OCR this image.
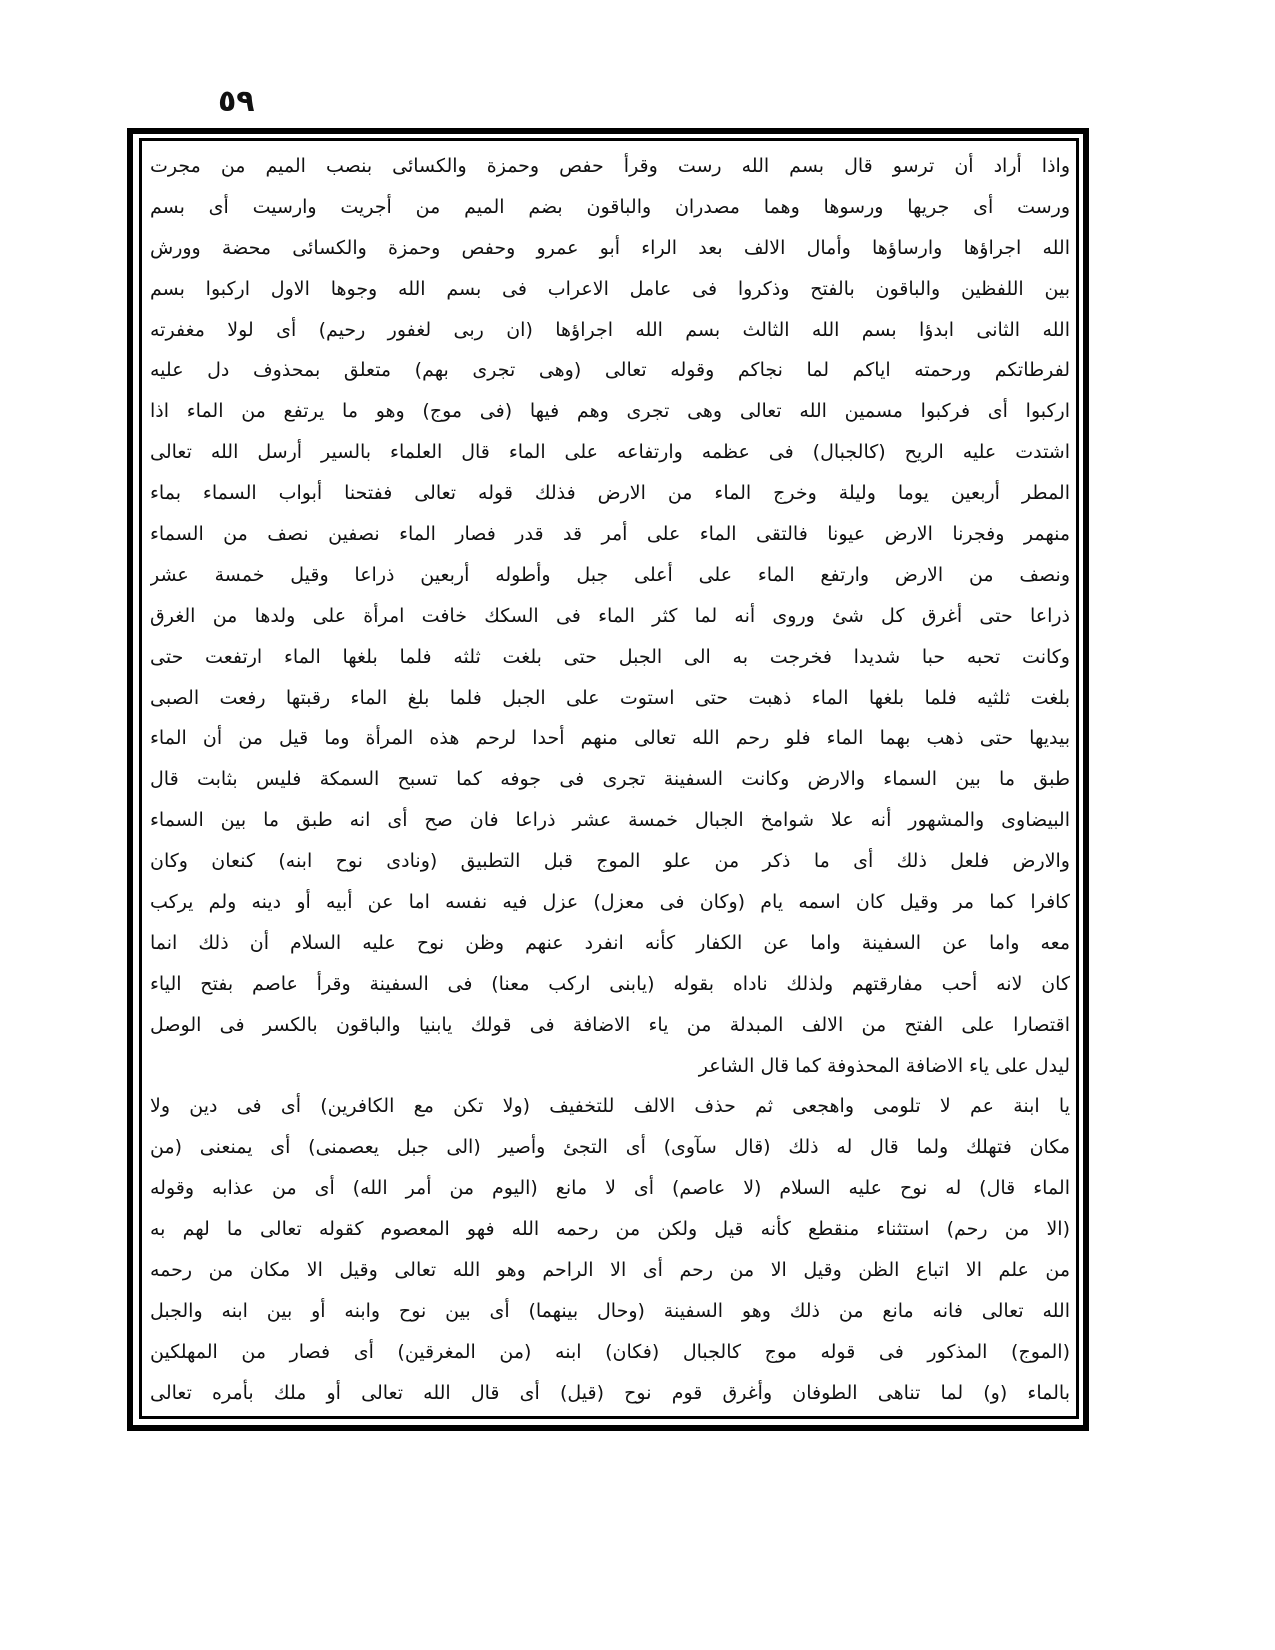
٥٩
واذا أراد أن ترسو قال بسم الله رست وقرأ حفص وحمزة والكسائى بنصب الميم من مجرت
ورست أى جريها ورسوها وهما مصدران والباقون بضم الميم من أجريت وارسيت أى بسم
الله اجراؤها وارساؤها وأمال الالف بعد الراء أبو عمرو وحفص وحمزة والكسائى محضة وورش
بين اللفظين والباقون بالفتح وذكروا فى عامل الاعراب فى بسم الله وجوها الاول اركبوا بسم
الله الثانى ابدؤا بسم الله الثالث بسم الله اجراؤها (ان ربى لغفور رحيم) أى لولا مغفرته
لفرطاتكم ورحمته اياكم لما نجاكم وقوله تعالى (وهى تجرى بهم) متعلق بمحذوف دل عليه
اركبوا أى فركبوا مسمين الله تعالى وهى تجرى وهم فيها (فى موج) وهو ما يرتفع من الماء اذا
اشتدت عليه الريح (كالجبال) فى عظمه وارتفاعه على الماء قال العلماء بالسير أرسل الله تعالى
المطر أربعين يوما وليلة وخرج الماء من الارض فذلك قوله تعالى ففتحنا أبواب السماء بماء
منهمر وفجرنا الارض عيونا فالتقى الماء على أمر قد قدر فصار الماء نصفين نصف من السماء
ونصف من الارض وارتفع الماء على أعلى جبل وأطوله أربعين ذراعا وقيل خمسة عشر
ذراعا حتى أغرق كل شئ وروى أنه لما كثر الماء فى السكك خافت امرأة على ولدها من الغرق
وكانت تحبه حبا شديدا فخرجت به الى الجبل حتى بلغت ثلثه فلما بلغها الماء ارتفعت حتى
بلغت ثلثيه فلما بلغها الماء ذهبت حتى استوت على الجبل فلما بلغ الماء رقبتها رفعت الصبى
بيديها حتى ذهب بهما الماء فلو رحم الله تعالى منهم أحدا لرحم هذه المرأة وما قيل من أن الماء
طبق ما بين السماء والارض وكانت السفينة تجرى فى جوفه كما تسبح السمكة فليس بثابت قال
البيضاوى والمشهور أنه علا شوامخ الجبال خمسة عشر ذراعا فان صح أى انه طبق ما بين السماء
والارض فلعل ذلك أى ما ذكر من علو الموج قبل التطبيق (ونادى نوح ابنه) كنعان وكان
كافرا كما مر وقيل كان اسمه يام (وكان فى معزل) عزل فيه نفسه اما عن أبيه أو دينه ولم يركب
معه واما عن السفينة واما عن الكفار كأنه انفرد عنهم وظن نوح عليه السلام أن ذلك انما
كان لانه أحب مفارقتهم ولذلك ناداه بقوله (يابنى اركب معنا) فى السفينة وقرأ عاصم بفتح الياء
اقتصارا على الفتح من الالف المبدلة من ياء الاضافة فى قولك يابنيا والباقون بالكسر فى الوصل
ليدل على ياء الاضافة المحذوفة كما قال الشاعر
يا ابنة عم لا تلومى واهجعى ثم حذف الالف للتخفيف (ولا تكن مع الكافرين) أى فى دين ولا
مكان فتهلك ولما قال له ذلك (قال سآوى) أى التجئ وأصير (الى جبل يعصمنى) أى يمنعنى (من
الماء قال) له نوح عليه السلام (لا عاصم) أى لا مانع (اليوم من أمر الله) أى من عذابه وقوله
(الا من رحم) استثناء منقطع كأنه قيل ولكن من رحمه الله فهو المعصوم كقوله تعالى ما لهم به
من علم الا اتباع الظن وقيل الا من رحم أى الا الراحم وهو الله تعالى وقيل الا مكان من رحمه
الله تعالى فانه مانع من ذلك وهو السفينة (وحال بينهما) أى بين نوح وابنه أو بين ابنه والجبل
(الموج) المذكور فى قوله موج كالجبال (فكان) ابنه (من المغرقين) أى فصار من المهلكين
بالماء (و) لما تناهى الطوفان وأغرق قوم نوح (قيل) أى قال الله تعالى أو ملك بأمره تعالى
